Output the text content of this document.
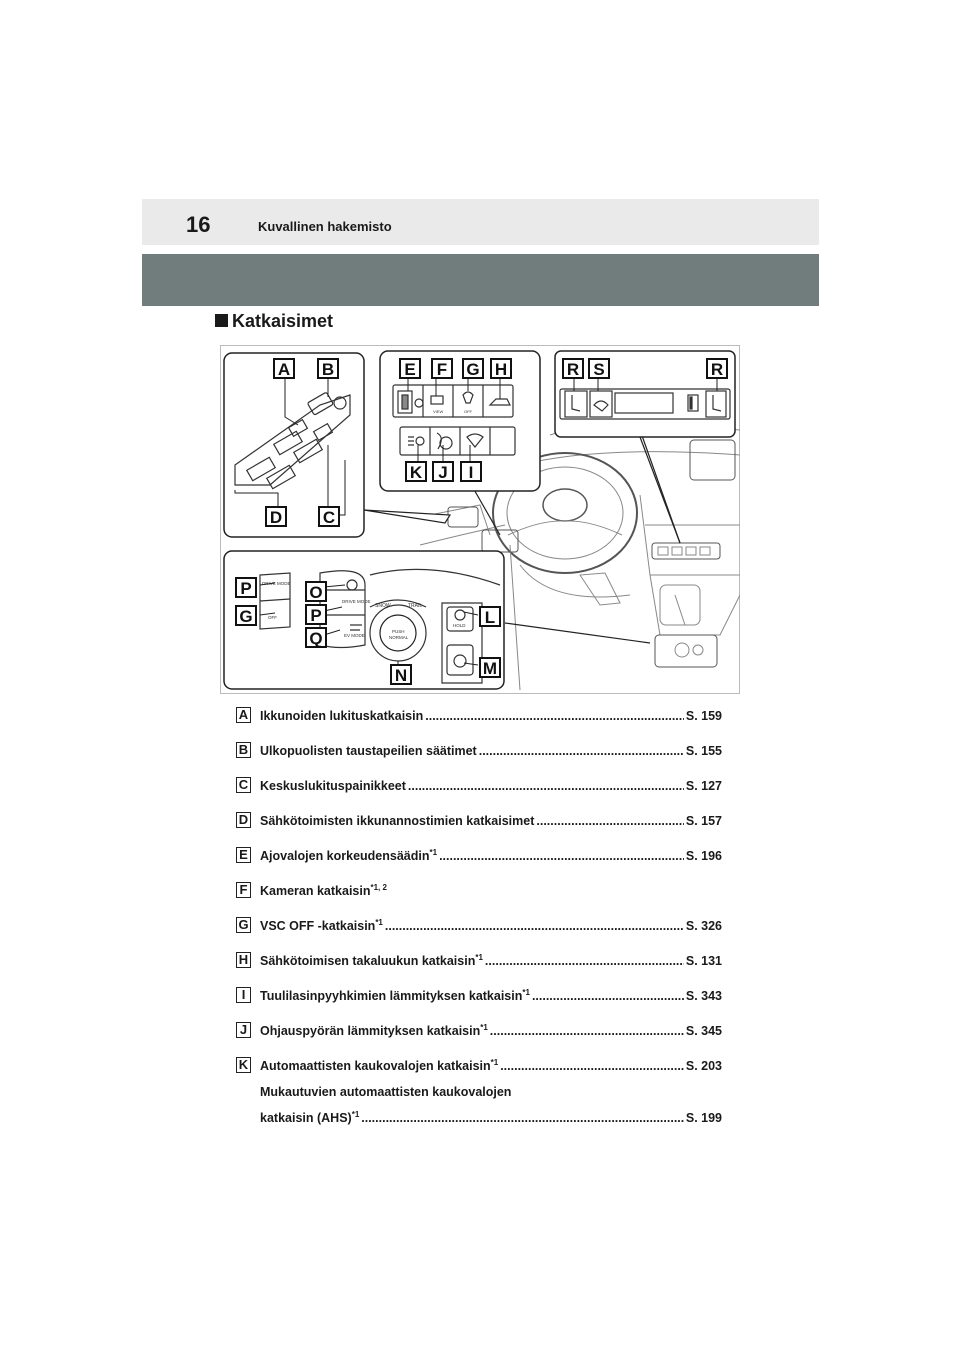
16	Kuvallinen hakemisto
Katkaisimet
VIEW	OFF
DRIVE MODE
OFF
DRIVE MODE
EV MODE
SNOW	TRAIL
PUSH
NORMAL
HOLD
A B
C
D
E F G H
I
J
K
L
M
N
O
P
P
G
Q
R S	R
A Ikkunoiden lukituskatkaisin .....	S. 159
B Ulkopuolisten taustapeilien säätimet .....	S. 155
C Keskuslukituspainikkeet .....	S. 127
D Sähkötoimisten ikkunannostimien katkaisimet .....	S. 157
E Ajovalojen korkeudensäädin$^{*1}$ .....	S. 196
F Kameran katkaisin$^{*1, 2}$
G VSC OFF -katkaisin$^{*1}$ .....	S. 326
H Sähkötoimisen takaluukun katkaisin$^{*1}$ .....	S. 131
I	Tuulilasinpyyhkimien lämmityksen katkaisin$^{*1}$ .....	S. 343
J	Ohjauspyörän lämmityksen katkaisin$^{*1}$ .....	S. 345
K Automaattisten kaukovalojen katkaisin$^{*1}$ .....	S. 203
Mukautuvien automaattisten kaukovalojen
katkaisin (AHS)$^{*1}$ .....	S. 199
